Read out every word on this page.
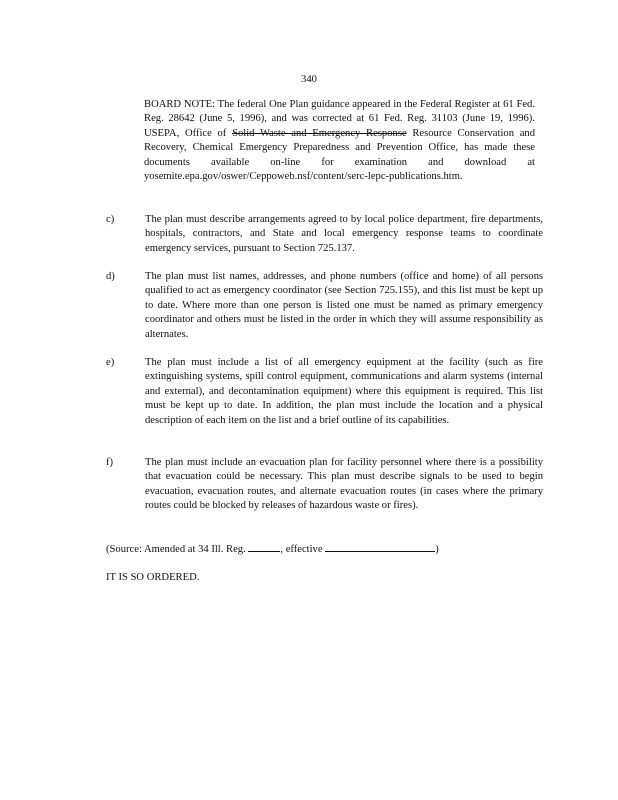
340
BOARD NOTE: The federal One Plan guidance appeared in the Federal Register at 61 Fed. Reg. 28642 (June 5, 1996), and was corrected at 61 Fed. Reg. 31103 (June 19, 1996). USEPA, Office of Solid Waste and Emergency Response Resource Conservation and Recovery, Chemical Emergency Preparedness and Prevention Office, has made these documents available on-line for examination and download at yosemite.epa.gov/oswer/Ceppoweb.nsf/content/serc-lepc-publications.htm.
c)	The plan must describe arrangements agreed to by local police department, fire departments, hospitals, contractors, and State and local emergency response teams to coordinate emergency services, pursuant to Section 725.137.
d)	The plan must list names, addresses, and phone numbers (office and home) of all persons qualified to act as emergency coordinator (see Section 725.155), and this list must be kept up to date. Where more than one person is listed one must be named as primary emergency coordinator and others must be listed in the order in which they will assume responsibility as alternates.
e)	The plan must include a list of all emergency equipment at the facility (such as fire extinguishing systems, spill control equipment, communications and alarm systems (internal and external), and decontamination equipment) where this equipment is required. This list must be kept up to date. In addition, the plan must include the location and a physical description of each item on the list and a brief outline of its capabilities.
f)	The plan must include an evacuation plan for facility personnel where there is a possibility that evacuation could be necessary. This plan must describe signals to be used to begin evacuation, evacuation routes, and alternate evacuation routes (in cases where the primary routes could be blocked by releases of hazardous waste or fires).
(Source: Amended at 34 Ill. Reg.	, effective	)
IT IS SO ORDERED.
